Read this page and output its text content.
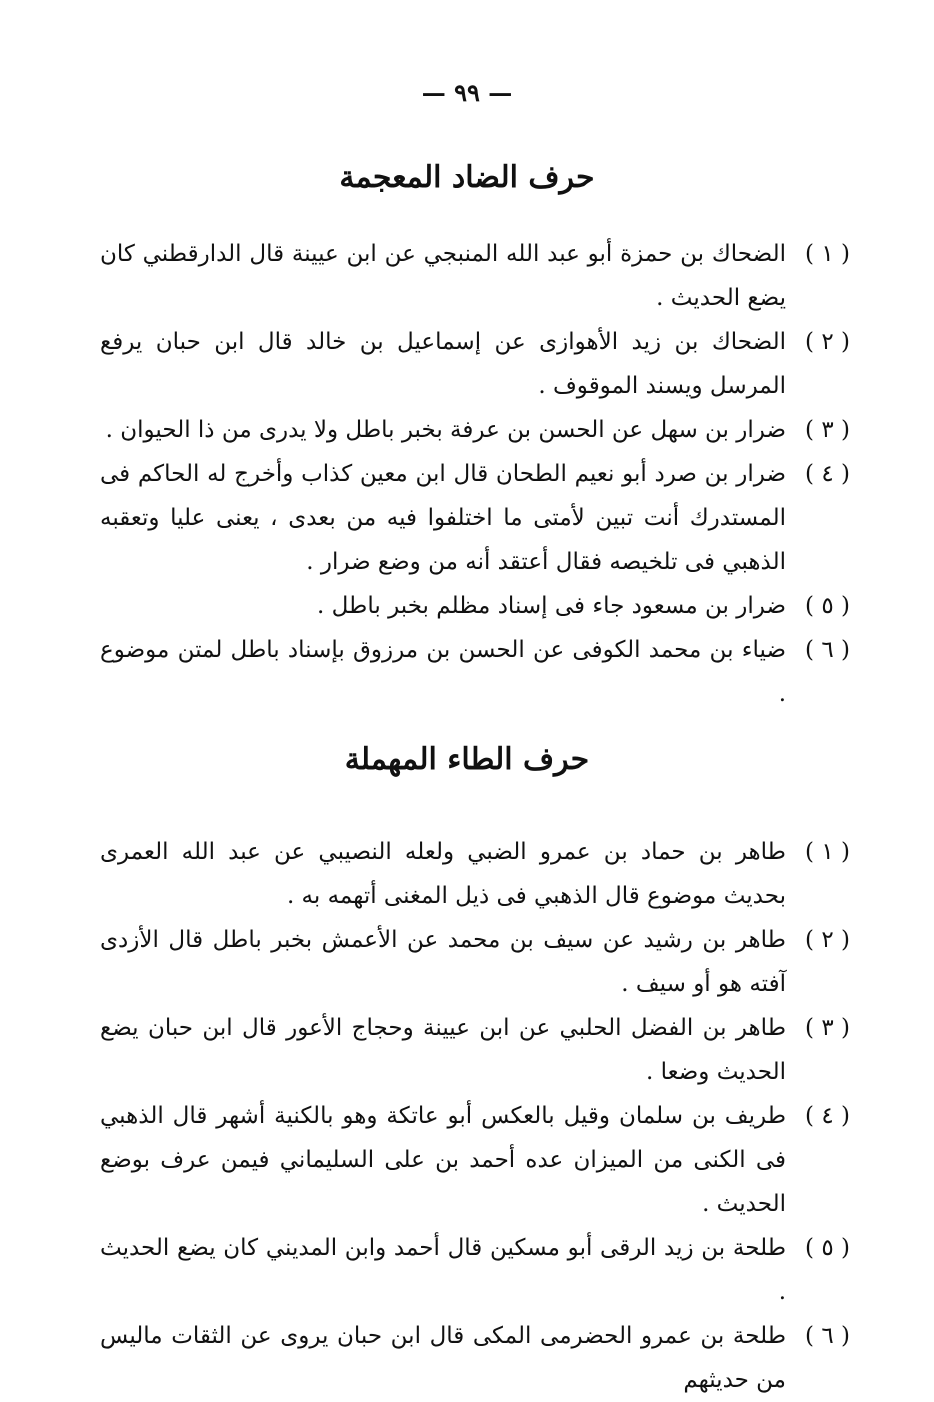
— ٩٩ —
حرف الضاد المعجمة
( ١ )
الضحاك بن حمزة أبو عبد الله المنبجي عن ابن عيينة قال الدارقطني كان يضع الحديث .
( ٢ )
الضحاك بن زيد الأهوازى عن إسماعيل بن خالد قال ابن حبان يرفع المرسل ويسند الموقوف .
( ٣ )
ضرار بن سهل عن الحسن بن عرفة بخبر باطل ولا يدرى من ذا الحيوان .
( ٤ )
ضرار بن صرد أبو نعيم الطحان قال ابن معين كذاب وأخرج له الحاكم فى المستدرك أنت تبين لأمتى ما اختلفوا فيه من بعدى ، يعنى عليا وتعقبه الذهبي فى تلخيصه فقال أعتقد أنه من وضع ضرار .
( ٥ )
ضرار بن مسعود جاء فى إسناد مظلم بخبر باطل .
( ٦ )
ضياء بن محمد الكوفى عن الحسن بن مرزوق بإسناد باطل لمتن موضوع .
حرف الطاء المهملة
( ١ )
طاهر بن حماد بن عمرو الضبي ولعله النصيبي عن عبد الله العمرى بحديث موضوع قال الذهبي فى ذيل المغنى أتهمه به .
( ٢ )
طاهر بن رشيد عن سيف بن محمد عن الأعمش بخبر باطل قال الأزدى آفته هو أو سيف .
( ٣ )
طاهر بن الفضل الحلبي عن ابن عيينة وحجاج الأعور قال ابن حبان يضع الحديث وضعا .
( ٤ )
طريف بن سلمان وقيل بالعكس أبو عاتكة وهو بالكنية أشهر قال الذهبي فى الكنى من الميزان عده أحمد بن على السليماني فيمن عرف بوضع الحديث .
( ٥ )
طلحة بن زيد الرقى أبو مسكين قال أحمد وابن المديني كان يضع الحديث .
( ٦ )
طلحة بن عمرو الحضرمى المكى قال ابن حبان يروى عن الثقات ماليس من حديثهم
